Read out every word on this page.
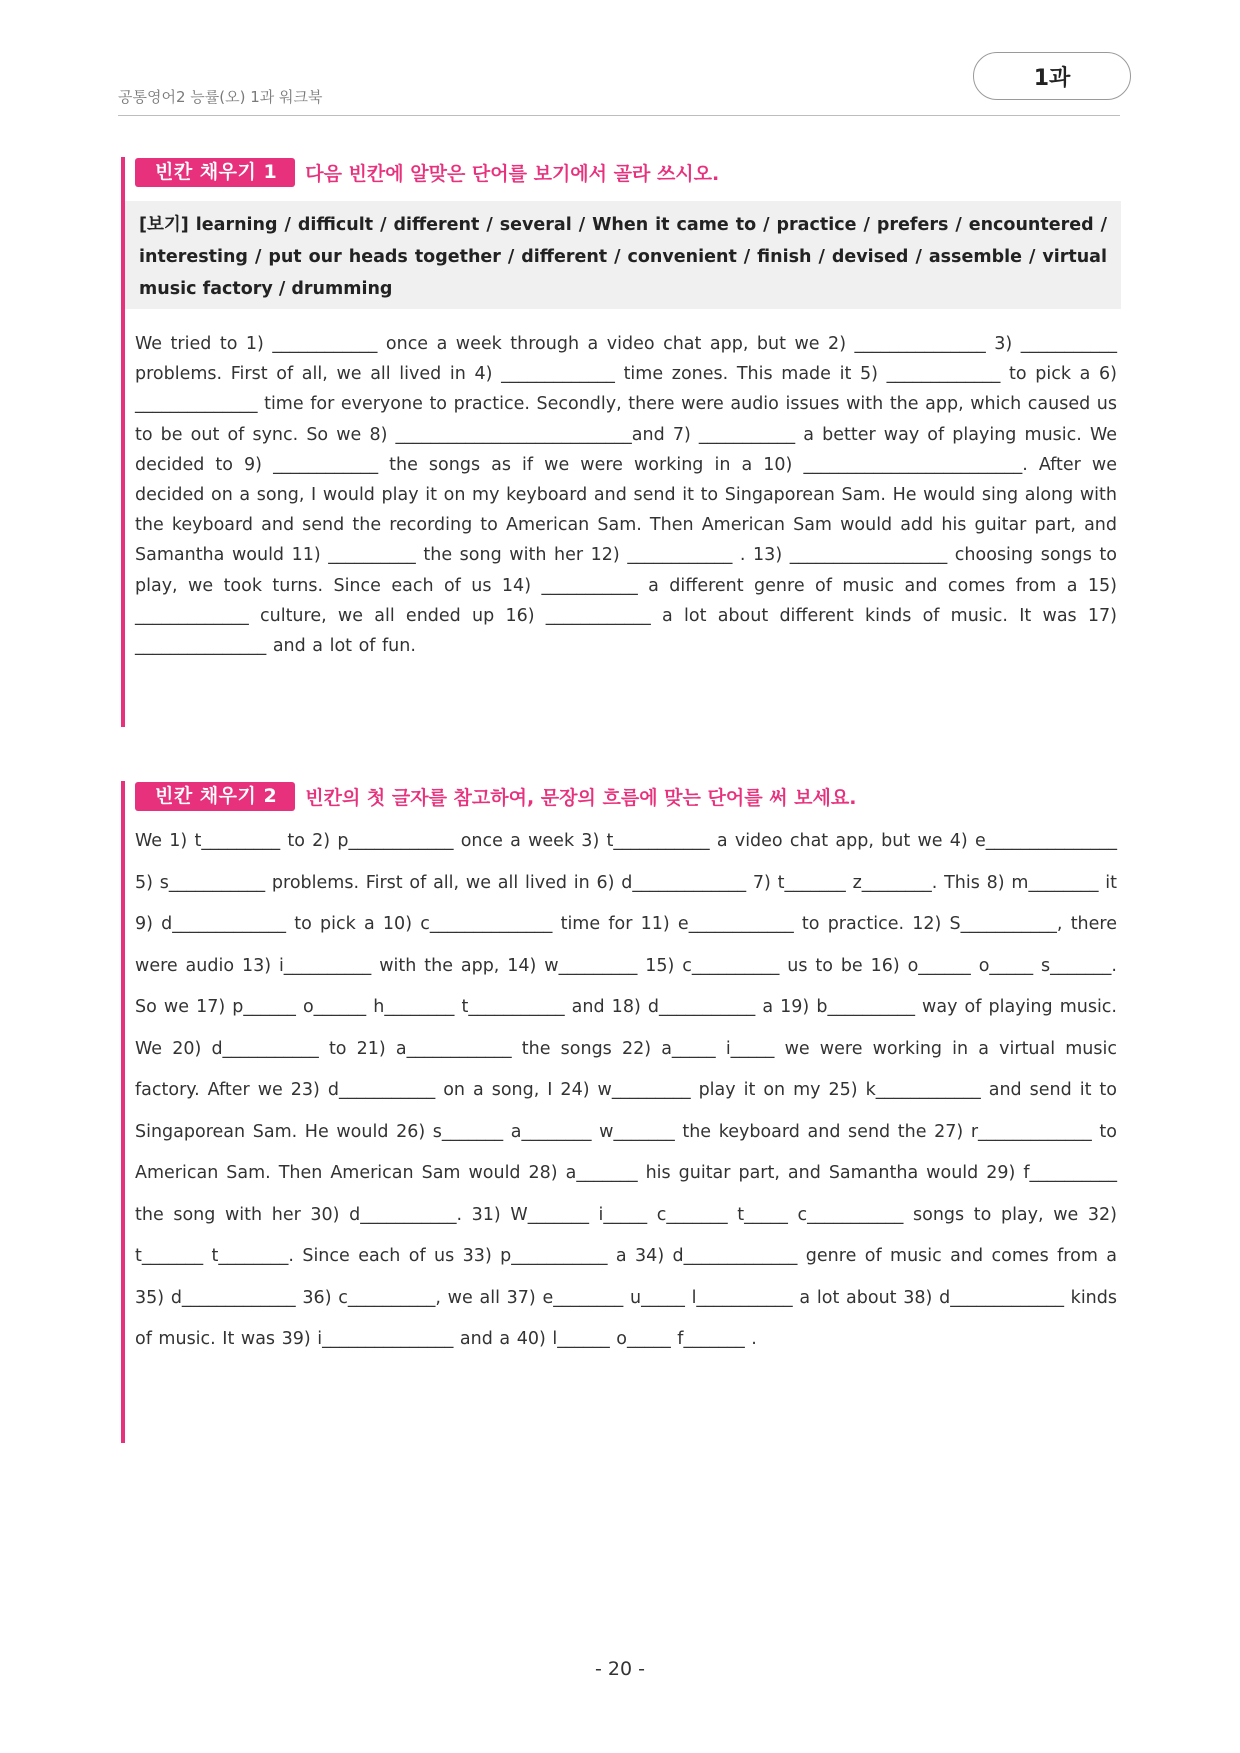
공통영어2 능률(오) 1과 워크북
1과
빈칸 채우기 1	다음 빈칸에 알맞은 단어를 보기에서 골라 쓰시오.
[보기] learning / difficult / different / several / When it came to / practice / prefers / encountered / interesting / put our heads together / different / convenient / finish / devised / assemble / virtual music factory / drumming
We tried to 1) ____________ once a week through a video chat app, but we 2) _______________ 3) ___________ problems. First of all, we all lived in 4) _____________ time zones. This made it 5) _____________ to pick a 6) ______________ time for everyone to practice. Secondly, there were audio issues with the app, which caused us to be out of sync. So we 8) ___________________________and 7) ___________ a better way of playing music. We decided to 9) ____________ the songs as if we were working in a 10) _________________________. After we decided on a song, I would play it on my keyboard and send it to Singaporean Sam. He would sing along with the keyboard and send the recording to American Sam. Then American Sam would add his guitar part, and Samantha would 11) __________ the song with her 12) ____________ . 13) __________________ choosing songs to play, we took turns. Since each of us 14) ___________ a different genre of music and comes from a 15) _____________ culture, we all ended up 16) ____________ a lot about different kinds of music. It was 17) _______________ and a lot of fun.
빈칸 채우기 2	빈칸의 첫 글자를 참고하여, 문장의 흐름에 맞는 단어를 써 보세요.
We 1) t_________ to 2) p____________ once a week 3) t___________ a video chat app, but we 4) e_______________ 5) s___________ problems. First of all, we all lived in 6) d_____________ 7) t_______ z________. This 8) m________ it 9) d_____________ to pick a 10) c______________ time for 11) e____________ to practice. 12) S___________, there were audio 13) i__________ with the app, 14) w_________ 15) c__________ us to be 16) o______ o_____ s_______. So we 17) p______ o______ h________ t___________ and 18) d___________ a 19) b__________ way of playing music. We 20) d___________ to 21) a____________ the songs 22) a_____ i_____ we were working in a virtual music factory. After we 23) d___________ on a song, I 24) w_________ play it on my 25) k____________ and send it to Singaporean Sam. He would 26) s_______ a________ w_______ the keyboard and send the 27) r_____________ to American Sam. Then American Sam would 28) a_______ his guitar part, and Samantha would 29) f__________ the song with her 30) d___________. 31) W_______ i_____ c_______ t_____ c___________ songs to play, we 32) t_______ t________. Since each of us 33) p___________ a 34) d_____________ genre of music and comes from a 35) d_____________ 36) c__________, we all 37) e________ u_____ l___________ a lot about 38) d_____________ kinds of music. It was 39) i_______________ and a 40) l______ o_____ f_______ .
- 20 -
